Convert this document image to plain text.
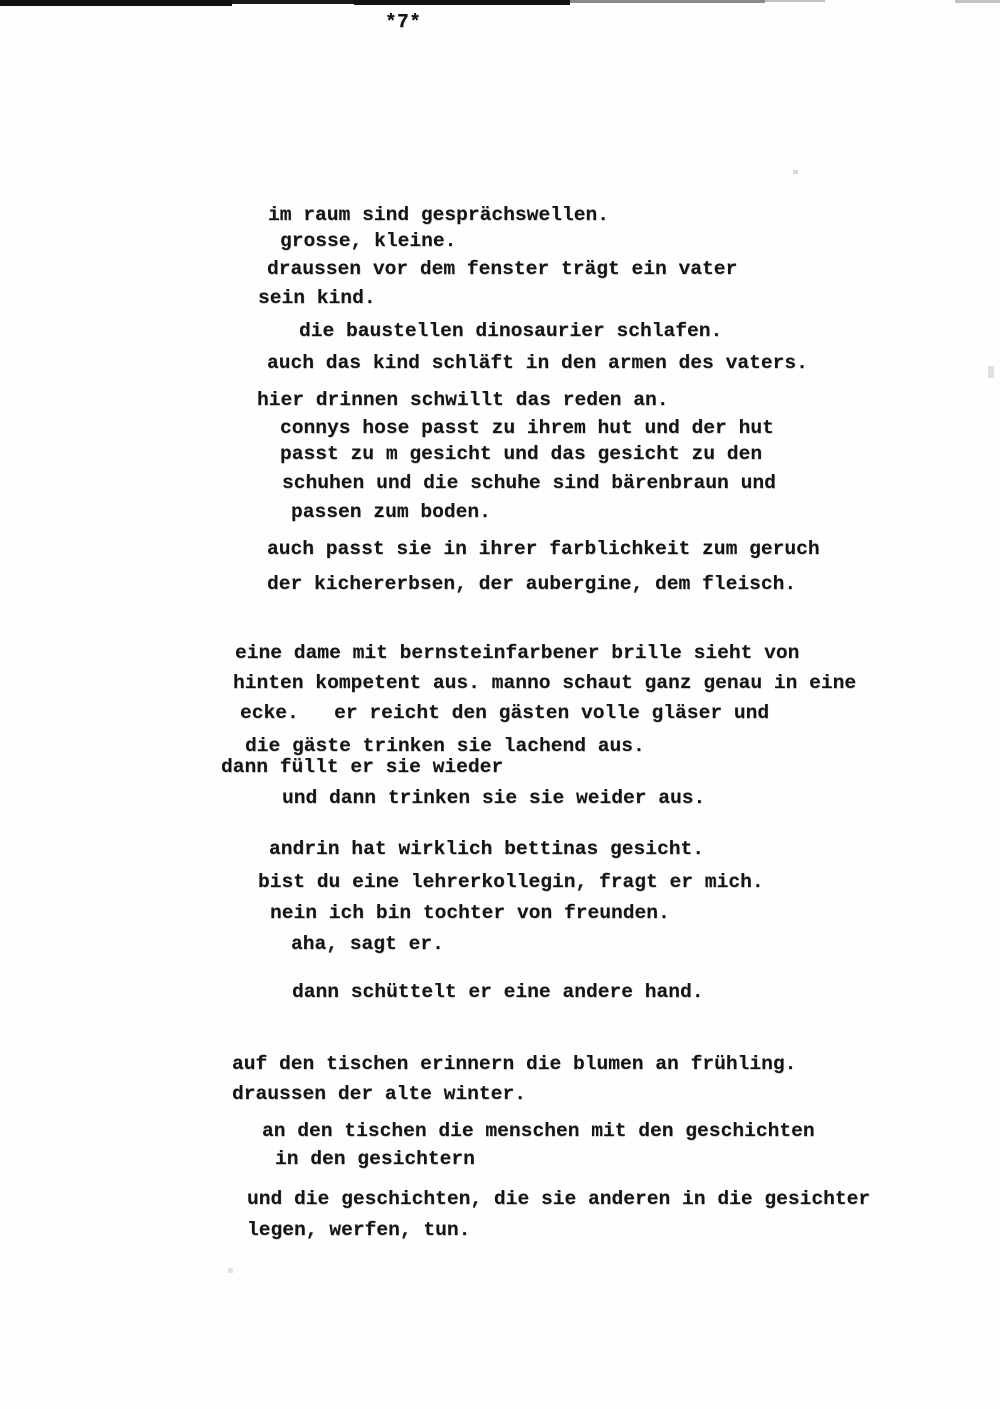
*7*
im raum sind gesprächswellen.
grosse, kleine.
draussen vor dem fenster trägt ein vater
sein kind.
die baustellen dinosaurier schlafen.
auch das kind schläft in den armen des vaters.
hier drinnen schwillt das reden an.
connys hose passt zu ihrem hut und der hut
passt zu m gesicht und das gesicht zu den
schuhen und die schuhe sind bärenbraun und
passen zum boden.
auch passt sie in ihrer farblichkeit zum geruch
der kichererbsen, der aubergine, dem fleisch.
eine dame mit bernsteinfarbener brille sieht von
hinten kompetent aus. manno schaut ganz genau in eine
ecke.   er reicht den gästen volle gläser und
die gäste trinken sie lachend aus.
dann füllt er sie wieder
und dann trinken sie sie weider aus.
andrin hat wirklich bettinas gesicht.
bist du eine lehrerkollegin, fragt er mich.
nein ich bin tochter von freunden.
aha, sagt er.
dann schüttelt er eine andere hand.
auf den tischen erinnern die blumen an frühling.
draussen der alte winter.
an den tischen die menschen mit den geschichten
in den gesichtern
und die geschichten, die sie anderen in die gesichter
legen, werfen, tun.
